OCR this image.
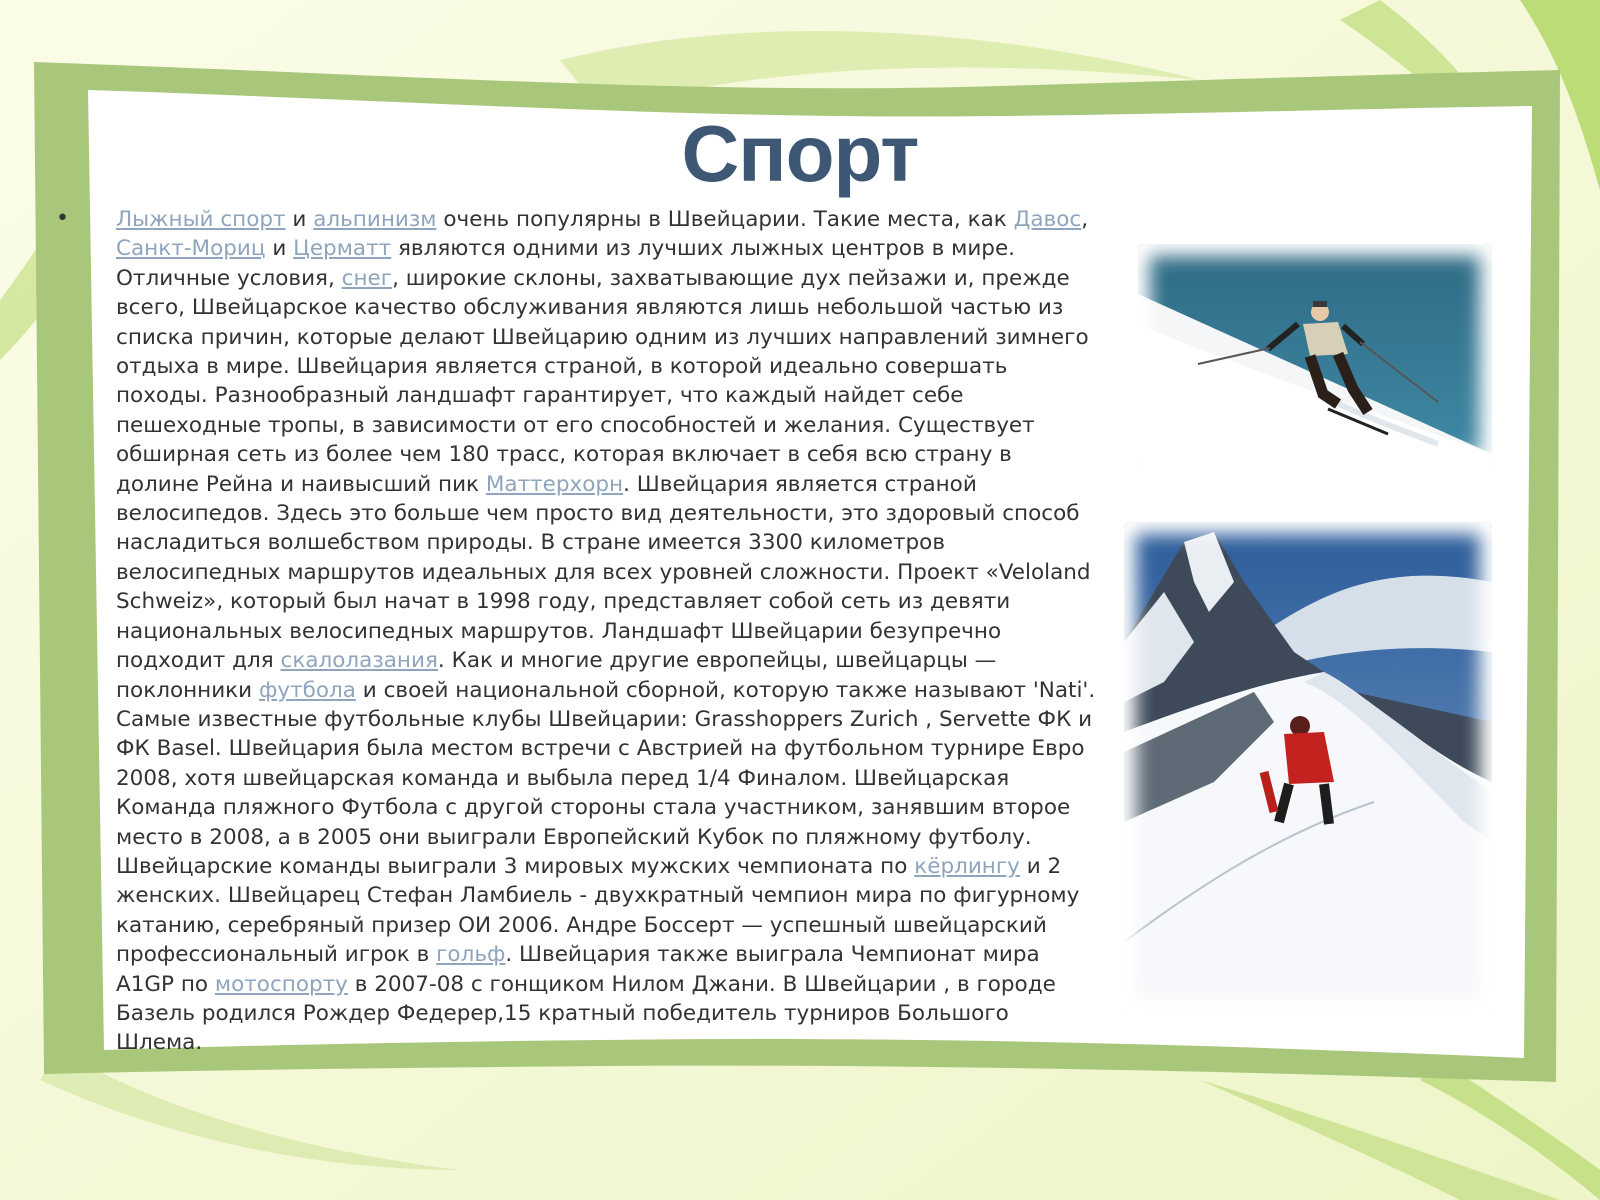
Спорт
• Лыжный спорт и альпинизм очень популярны в Швейцарии. Такие места, как Давос, Санкт-Мориц и Церматт являются одними из лучших лыжных центров в мире. Отличные условия, снег, широкие склоны, захватывающие дух пейзажи и, прежде всего, Швейцарское качество обслуживания являются лишь небольшой частью из списка причин, которые делают Швейцарию одним из лучших направлений зимнего отдыха в мире. Швейцария является страной, в которой идеально совершать походы. Разнообразный ландшафт гарантирует, что каждый найдет себе пешеходные тропы, в зависимости от его способностей и желания. Существует обширная сеть из более чем 180 трасс, которая включает в себя всю страну в долине Рейна и наивысший пик Маттерхорн. Швейцария является страной велосипедов. Здесь это больше чем просто вид деятельности, это здоровый способ насладиться волшебством природы. В стране имеется 3300 километров велосипедных маршрутов идеальных для всех уровней сложности. Проект «Veloland Schweiz», который был начат в 1998 году, представляет собой сеть из девяти национальных велосипедных маршрутов. Ландшафт Швейцарии безупречно подходит для скалолазания. Как и многие другие европейцы, швейцарцы — поклонники футбола и своей национальной сборной, которую также называют 'Nati'. Самые известные футбольные клубы Швейцарии: Grasshoppers Zurich , Servette ФК и ФК Basel. Швейцария была местом встречи с Австрией на футбольном турнире Евро 2008, хотя швейцарская команда и выбыла перед 1/4 Финалом. Швейцарская Команда пляжного Футбола с другой стороны стала участником, занявшим второе место в 2008, а в 2005 они выиграли Европейский Кубок по пляжному футболу. Швейцарские команды выиграли 3 мировых мужских чемпионата по кёрлингу и 2 женских. Швейцарец Стефан Ламбиель - двухкратный чемпион мира по фигурному катанию, серебряный призер ОИ 2006. Андре Боссерт — успешный швейцарский профессиональный игрок в гольф. Швейцария также выиграла Чемпионат мира A1GP по мотоспорту в 2007-08 с гонщиком Нилом Джани. В Швейцарии , в городе Базель родился Рождер Федерер,15 кратный победитель турниров Большого Шлема.
